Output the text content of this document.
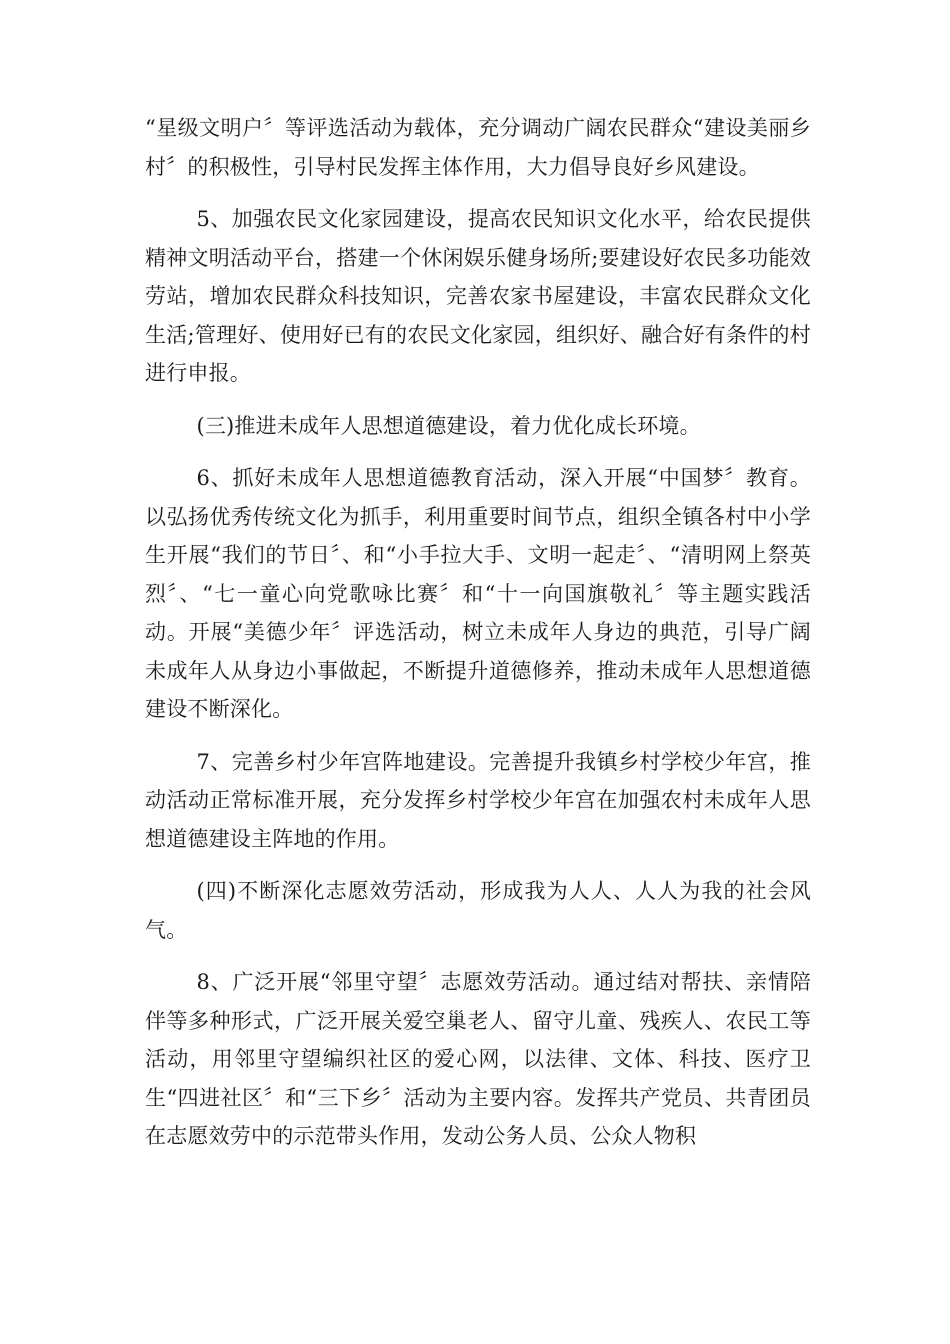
“星级文明户〞等评选活动为载体，充分调动广阔农民群众“建设美丽乡村〞的积极性，引导村民发挥主体作用，大力倡导良好乡风建设。

5、加强农民文化家园建设，提高农民知识文化水平，给农民提供精神文明活动平台，搭建一个休闲娱乐健身场所;要建设好农民多功能效劳站，增加农民群众科技知识，完善农家书屋建设，丰富农民群众文化生活;管理好、使用好已有的农民文化家园，组织好、融合好有条件的村进行申报。

(三)推进未成年人思想道德建设，着力优化成长环境。

6、抓好未成年人思想道德教育活动，深入开展“中国梦〞教育。以弘扬优秀传统文化为抓手，利用重要时间节点，组织全镇各村中小学生开展“我们的节日〞、和“小手拉大手、文明一起走〞、“清明网上祭英烈〞、“七一童心向党歌咏比赛〞和“十一向国旗敬礼〞等主题实践活动。开展“美德少年〞评选活动，树立未成年人身边的典范，引导广阔未成年人从身边小事做起，不断提升道德修养，推动未成年人思想道德建设不断深化。

7、完善乡村少年宫阵地建设。完善提升我镇乡村学校少年宫，推动活动正常标准开展，充分发挥乡村学校少年宫在加强农村未成年人思想道德建设主阵地的作用。

(四)不断深化志愿效劳活动，形成我为人人、人人为我的社会风气。

8、广泛开展“邻里守望〞志愿效劳活动。通过结对帮扶、亲情陪伴等多种形式，广泛开展关爱空巢老人、留守儿童、残疾人、农民工等活动，用邻里守望编织社区的爱心网，以法律、文体、科技、医疗卫生“四进社区〞和“三下乡〞活动为主要内容。发挥共产党员、共青团员在志愿效劳中的示范带头作用，发动公务人员、公众人物积
